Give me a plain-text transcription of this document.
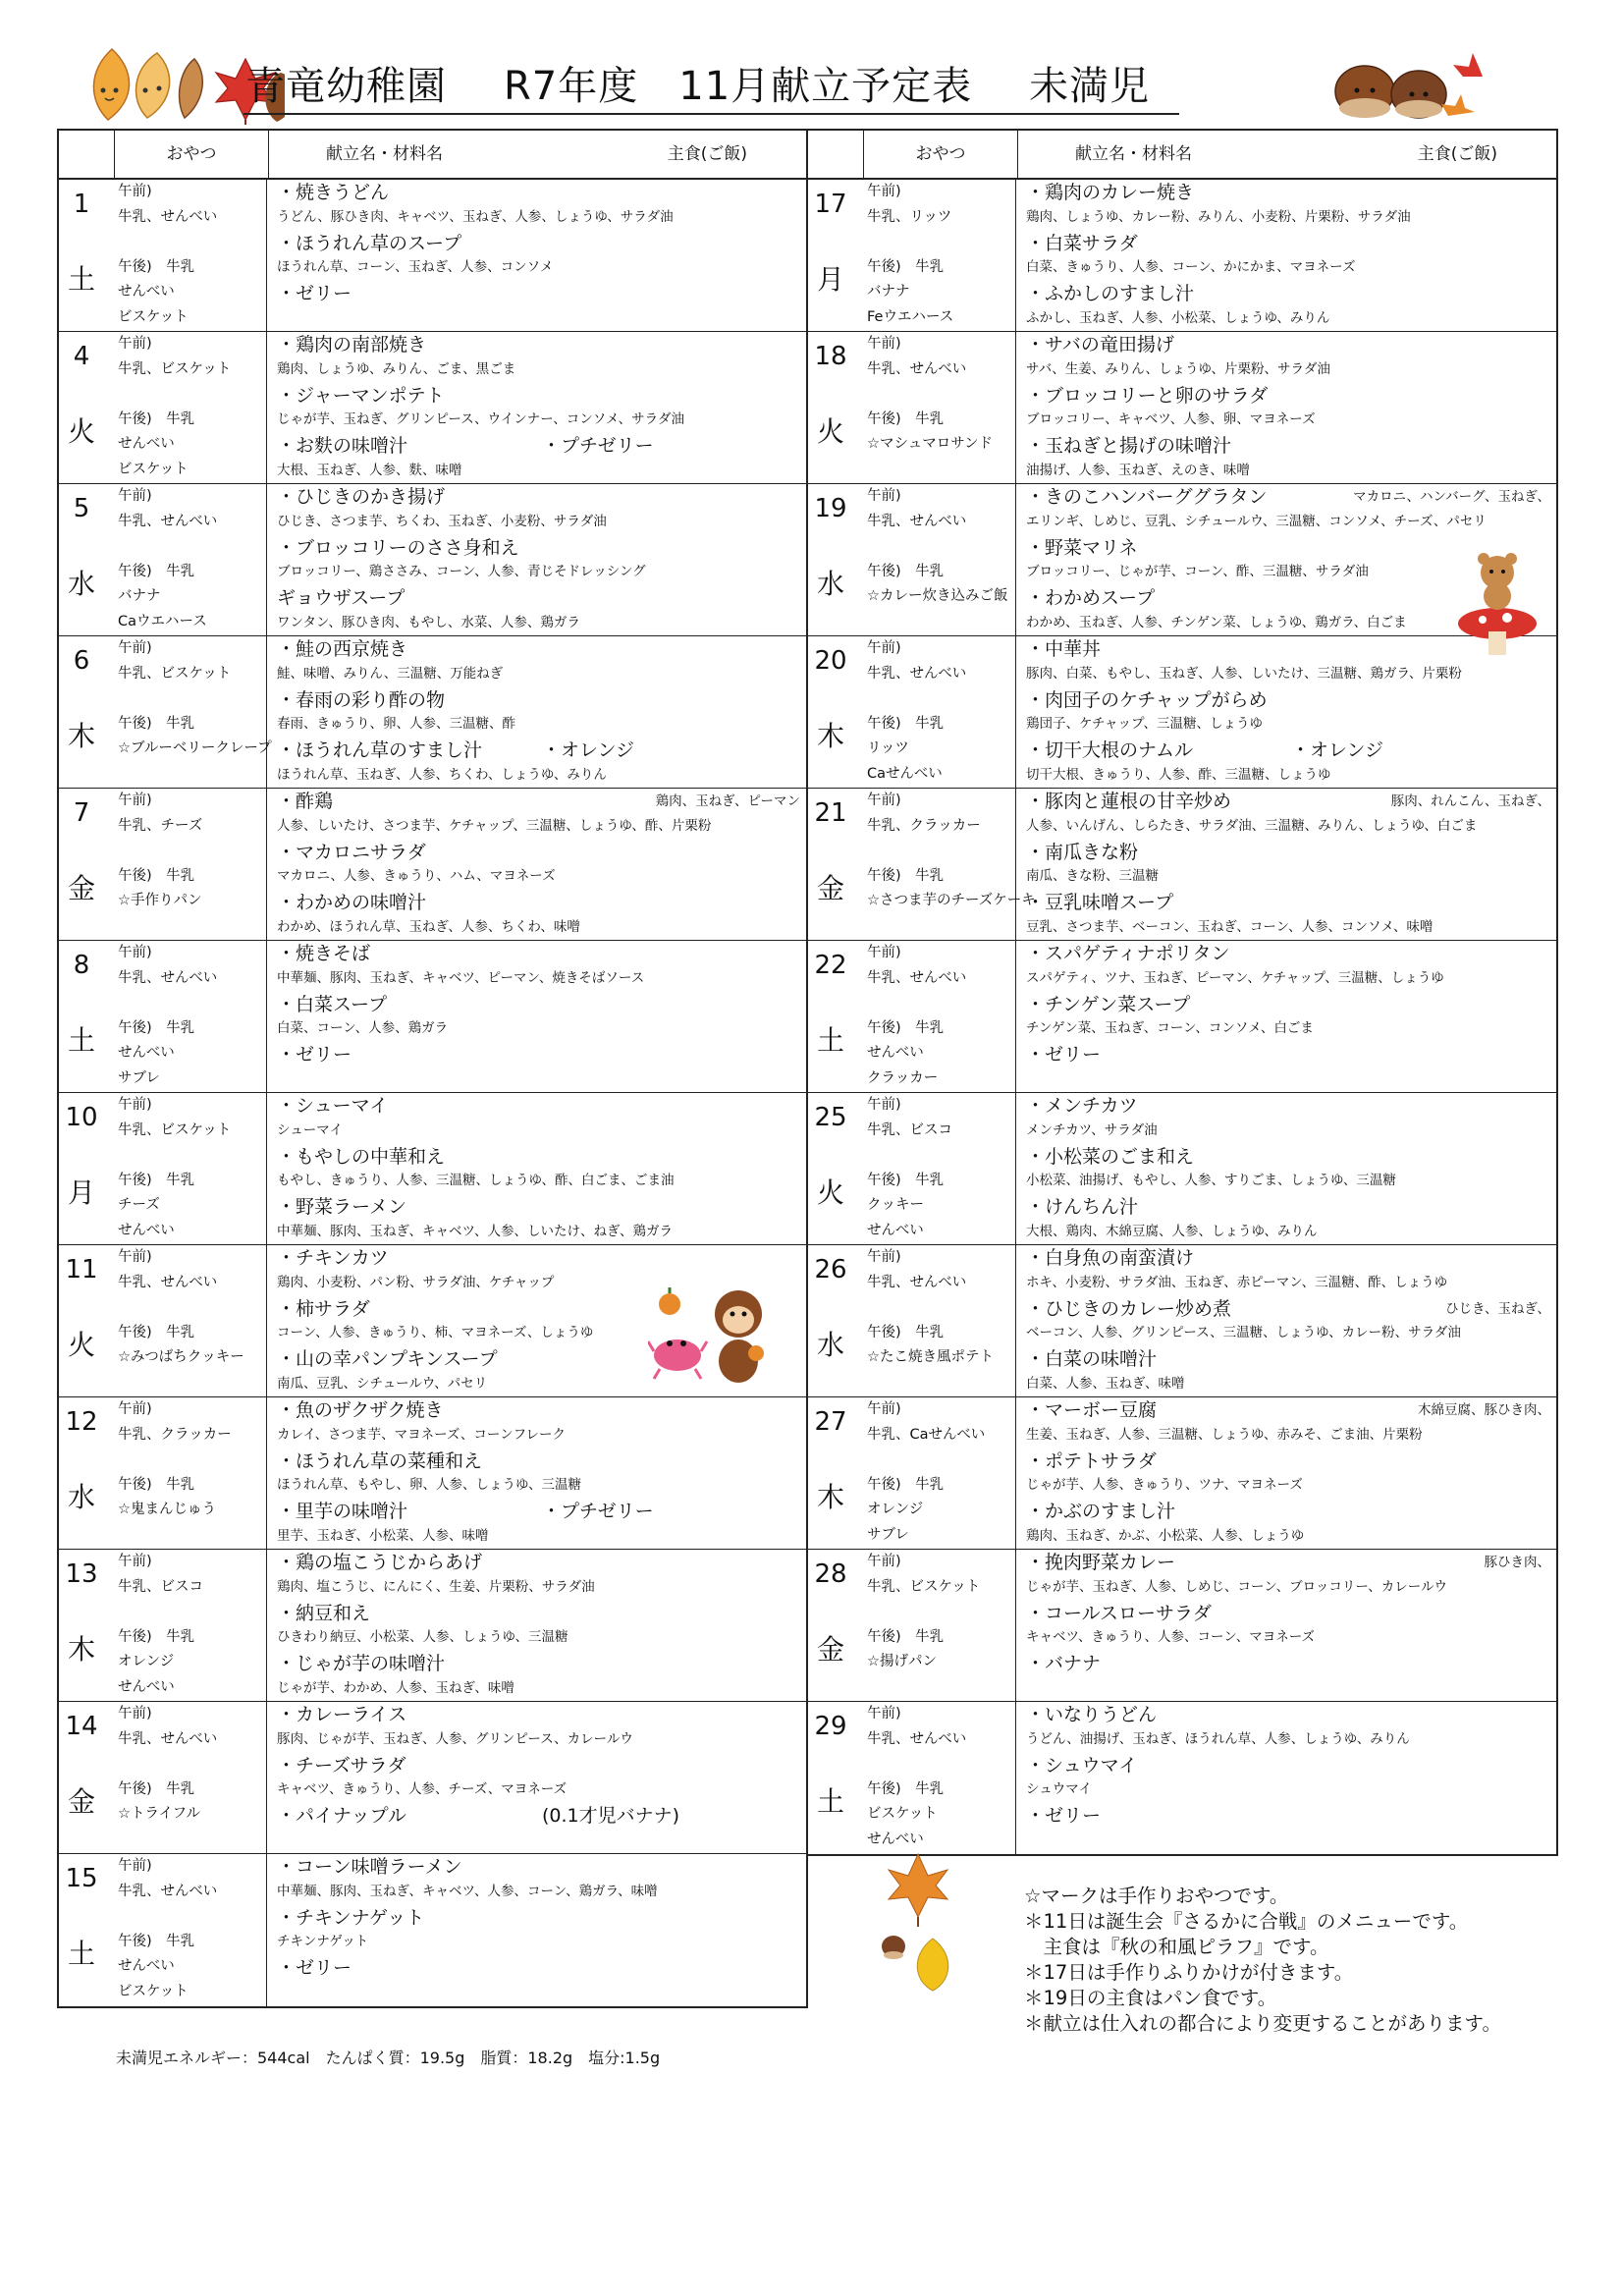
青竜幼稚園 R7年度　11月献立予定表 未満児
おやつ	献立名・材料名	主食(ご飯)
1
土
午前)
牛乳、せんべい
午後)　牛乳
せんべい
ビスケット
・焼きうどん
うどん、豚ひき肉、キャベツ、玉ねぎ、人参、しょうゆ、サラダ油
・ほうれん草のスープ
ほうれん草、コーン、玉ねぎ、人参、コンソメ
・ゼリー
4
火
午前)
牛乳、ビスケット
午後)　牛乳
せんべい
ビスケット
・鶏肉の南部焼き
鶏肉、しょうゆ、みりん、ごま、黒ごま
・ジャーマンポテト
じゃが芋、玉ねぎ、グリンピース、ウインナー、コンソメ、サラダ油
・お麩の味噌汁	・プチゼリー
大根、玉ねぎ、人参、麩、味噌
5
水
午前)
牛乳、せんべい
午後)　牛乳
バナナ
Caウエハース
・ひじきのかき揚げ
ひじき、さつま芋、ちくわ、玉ねぎ、小麦粉、サラダ油
・ブロッコリーのささ身和え
ブロッコリー、鶏ささみ、コーン、人参、青じそドレッシング
ギョウザスープ
ワンタン、豚ひき肉、もやし、水菜、人参、鶏ガラ
6
木
午前)
牛乳、ビスケット
午後)　牛乳
☆ブルーベリークレープ
・鮭の西京焼き
鮭、味噌、みりん、三温糖、万能ねぎ
・春雨の彩り酢の物
春雨、きゅうり、卵、人参、三温糖、酢
・ほうれん草のすまし汁	・オレンジ
ほうれん草、玉ねぎ、人参、ちくわ、しょうゆ、みりん
7
金
午前)
牛乳、チーズ
午後)　牛乳
☆手作りパン
・酢鶏	鶏肉、玉ねぎ、ピーマン
人参、しいたけ、さつま芋、ケチャップ、三温糖、しょうゆ、酢、片栗粉
・マカロニサラダ
マカロニ、人参、きゅうり、ハム、マヨネーズ
・わかめの味噌汁
わかめ、ほうれん草、玉ねぎ、人参、ちくわ、味噌
8
土
午前)
牛乳、せんべい
午後)　牛乳
せんべい
サブレ
・焼きそば
中華麺、豚肉、玉ねぎ、キャベツ、ピーマン、焼きそばソース
・白菜スープ
白菜、コーン、人参、鶏ガラ
・ゼリー
10
月
午前)
牛乳、ビスケット
午後)　牛乳
チーズ
せんべい
・シューマイ
シューマイ
・もやしの中華和え
もやし、きゅうり、人参、三温糖、しょうゆ、酢、白ごま、ごま油
・野菜ラーメン
中華麺、豚肉、玉ねぎ、キャベツ、人参、しいたけ、ねぎ、鶏ガラ
11
火
午前)
牛乳、せんべい
午後)　牛乳
☆みつばちクッキー
・チキンカツ
鶏肉、小麦粉、パン粉、サラダ油、ケチャップ
・柿サラダ
コーン、人参、きゅうり、柿、マヨネーズ、しょうゆ
・山の幸パンプキンスープ
南瓜、豆乳、シチュールウ、パセリ
12
水
午前)
牛乳、クラッカー
午後)　牛乳
☆鬼まんじゅう
・魚のザクザク焼き
カレイ、さつま芋、マヨネーズ、コーンフレーク
・ほうれん草の菜種和え
ほうれん草、もやし、卵、人参、しょうゆ、三温糖
・里芋の味噌汁	・プチゼリー
里芋、玉ねぎ、小松菜、人参、味噌
13
木
午前)
牛乳、ビスコ
午後)　牛乳
オレンジ
せんべい
・鶏の塩こうじからあげ
鶏肉、塩こうじ、にんにく、生姜、片栗粉、サラダ油
・納豆和え
ひきわり納豆、小松菜、人参、しょうゆ、三温糖
・じゃが芋の味噌汁
じゃが芋、わかめ、人参、玉ねぎ、味噌
14
金
午前)
牛乳、せんべい
午後)　牛乳
☆トライフル
・カレーライス
豚肉、じゃが芋、玉ねぎ、人参、グリンピース、カレールウ
・チーズサラダ
キャベツ、きゅうり、人参、チーズ、マヨネーズ
・パイナップル	(0.1才児バナナ)
15
土
午前)
牛乳、せんべい
午後)　牛乳
せんべい
ビスケット
・コーン味噌ラーメン
中華麺、豚肉、玉ねぎ、キャベツ、人参、コーン、鶏ガラ、味噌
・チキンナゲット
チキンナゲット
・ゼリー
おやつ	献立名・材料名	主食(ご飯)
17
月
午前)
牛乳、リッツ
午後)　牛乳
バナナ
Feウエハース
・鶏肉のカレー焼き
鶏肉、しょうゆ、カレー粉、みりん、小麦粉、片栗粉、サラダ油
・白菜サラダ
白菜、きゅうり、人参、コーン、かにかま、マヨネーズ
・ふかしのすまし汁
ふかし、玉ねぎ、人参、小松菜、しょうゆ、みりん
18
火
午前)
牛乳、せんべい
午後)　牛乳
☆マシュマロサンド
・サバの竜田揚げ
サバ、生姜、みりん、しょうゆ、片栗粉、サラダ油
・ブロッコリーと卵のサラダ
ブロッコリー、キャベツ、人参、卵、マヨネーズ
・玉ねぎと揚げの味噌汁
油揚げ、人参、玉ねぎ、えのき、味噌
19
水
午前)
牛乳、せんべい
午後)　牛乳
☆カレー炊き込みご飯
・きのこハンバーググラタン	マカロニ、ハンバーグ、玉ねぎ、
エリンギ、しめじ、豆乳、シチュールウ、三温糖、コンソメ、チーズ、パセリ
・野菜マリネ
ブロッコリー、じゃが芋、コーン、酢、三温糖、サラダ油
・わかめスープ
わかめ、玉ねぎ、人参、チンゲン菜、しょうゆ、鶏ガラ、白ごま
20
木
午前)
牛乳、せんべい
午後)　牛乳
リッツ
Caせんべい
・中華丼
豚肉、白菜、もやし、玉ねぎ、人参、しいたけ、三温糖、鶏ガラ、片栗粉
・肉団子のケチャップがらめ
鶏団子、ケチャップ、三温糖、しょうゆ
・切干大根のナムル	・オレンジ
切干大根、きゅうり、人参、酢、三温糖、しょうゆ
21
金
午前)
牛乳、クラッカー
午後)　牛乳
☆さつま芋のチーズケーキ
・豚肉と蓮根の甘辛炒め	豚肉、れんこん、玉ねぎ、
人参、いんげん、しらたき、サラダ油、三温糖、みりん、しょうゆ、白ごま
・南瓜きな粉
南瓜、きな粉、三温糖
・豆乳味噌スープ
豆乳、さつま芋、ベーコン、玉ねぎ、コーン、人参、コンソメ、味噌
22
土
午前)
牛乳、せんべい
午後)　牛乳
せんべい
クラッカー
・スパゲティナポリタン
スパゲティ、ツナ、玉ねぎ、ピーマン、ケチャップ、三温糖、しょうゆ
・チンゲン菜スープ
チンゲン菜、玉ねぎ、コーン、コンソメ、白ごま
・ゼリー
25
火
午前)
牛乳、ビスコ
午後)　牛乳
クッキー
せんべい
・メンチカツ
メンチカツ、サラダ油
・小松菜のごま和え
小松菜、油揚げ、もやし、人参、すりごま、しょうゆ、三温糖
・けんちん汁
大根、鶏肉、木綿豆腐、人参、しょうゆ、みりん
26
水
午前)
牛乳、せんべい
午後)　牛乳
☆たこ焼き風ポテト
・白身魚の南蛮漬け
ホキ、小麦粉、サラダ油、玉ねぎ、赤ピーマン、三温糖、酢、しょうゆ
・ひじきのカレー炒め煮	ひじき、玉ねぎ、
ベーコン、人参、グリンピース、三温糖、しょうゆ、カレー粉、サラダ油
・白菜の味噌汁
白菜、人参、玉ねぎ、味噌
27
木
午前)
牛乳、Caせんべい
午後)　牛乳
オレンジ
サブレ
・マーボー豆腐	木綿豆腐、豚ひき肉、
生姜、玉ねぎ、人参、三温糖、しょうゆ、赤みそ、ごま油、片栗粉
・ポテトサラダ
じゃが芋、人参、きゅうり、ツナ、マヨネーズ
・かぶのすまし汁
鶏肉、玉ねぎ、かぶ、小松菜、人参、しょうゆ
28
金
午前)
牛乳、ビスケット
午後)　牛乳
☆揚げパン
・挽肉野菜カレー	豚ひき肉、
じゃが芋、玉ねぎ、人参、しめじ、コーン、ブロッコリー、カレールウ
・コールスローサラダ
キャベツ、きゅうり、人参、コーン、マヨネーズ
・バナナ
29
土
午前)
牛乳、せんべい
午後)　牛乳
ビスケット
せんべい
・いなりうどん
うどん、油揚げ、玉ねぎ、ほうれん草、人参、しょうゆ、みりん
・シュウマイ
シュウマイ
・ゼリー
☆マークは手作りおやつです。
＊11日は誕生会『さるかに合戦』のメニューです。
　主食は『秋の和風ピラフ』です。
＊17日は手作りふりかけが付きます。
＊19日の主食はパン食です。
＊献立は仕入れの都合により変更することがあります。
未満児エネルギー：544cal　たんぱく質：19.5g　脂質：18.2g　塩分:1.5g
